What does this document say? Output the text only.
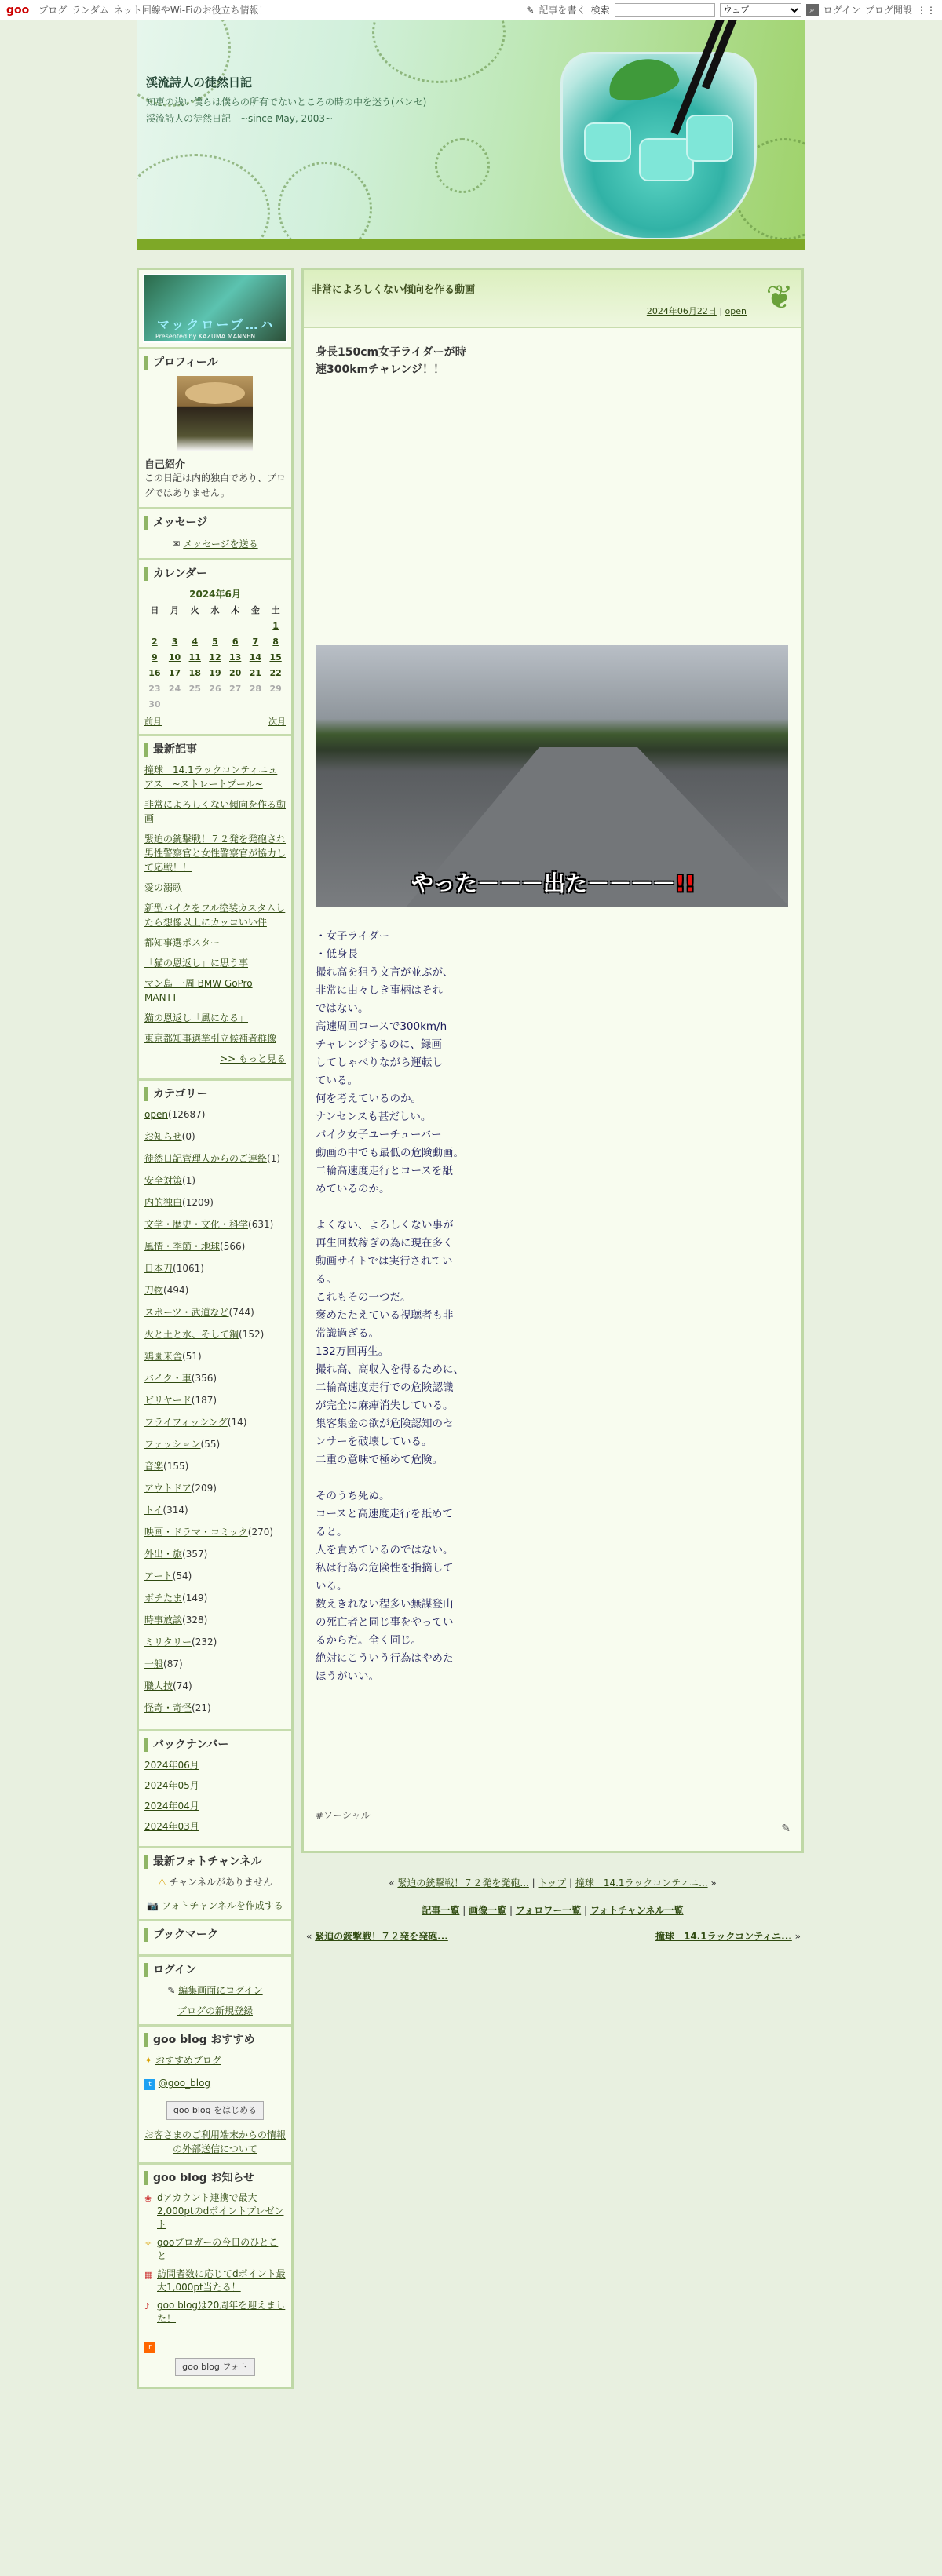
goo ブログ ランダム ネット回線やWi-Fiのお役立ち情報！	✎ 記事を書く 検索
ウェブ	⌕ ログイン ブログ開設 ⋮⋮
渓流詩人の徒然日記
知恵の浅い僕らは僕らの所有でないところの時の中を迷う(パンセ)　渓流詩人の徒然日記　~since May, 2003~
マックローブ…ハ
Presented by KAZUMA MANNEN
プロフィール
自己紹介
この日記は内的独白であり、ブログではありません。
メッセージ
✉ メッセージを送る
カレンダー
2024年6月
日	月	火	水	木	金	土
						1
2	3	4	5	6	7	8
9	10	11	12	13	14	15
16	17	18	19	20	21	22
23	24	25	26	27	28	29
30						
前月	次月
最新記事
撞球　14.1ラックコンティニュアス　~ストレートプール~
非常によろしくない傾向を作る動画
緊迫の銃撃戦！７２発を発砲され男性警察官と女性警察官が協力して応戦！！
愛の溺歌
新型バイクをフル塗装カスタムしたら想像以上にカッコいい件
都知事選ポスター
「猫の恩返し」に思う事
マン島 一周 BMW GoPro MANTT
猫の恩返し「風になる」
東京都知事選挙引立候補者群像
>> もっと見る
カテゴリー
open(12687)
お知らせ(0)
徒然日記管理人からのご連絡(1)
安全対策(1)
内的独白(1209)
文学・歴史・文化・科学(631)
風情・季節・地球(566)
日本刀(1061)
刀物(494)
スポーツ・武道など(744)
火と土と水、そして鋼(152)
鶏園来舎(51)
バイク・車(356)
ビリヤード(187)
フライフィッシング(14)
ファッション(55)
音楽(155)
アウトドア(209)
トイ(314)
映画・ドラマ・コミック(270)
外出・旅(357)
アート(54)
ボチたま(149)
時事放談(328)
ミリタリー(232)
一般(87)
職人技(74)
怪奇・奇怪(21)
バックナンバー
2024年06月
2024年05月
2024年04月
2024年03月
最新フォトチャンネル
⚠ チャンネルがありません
📷 フォトチャンネルを作成する
ブックマーク
ログイン
✎ 編集画面にログイン
ブログの新規登録
goo blog おすすめ
✦ おすすめブログ
t @goo_blog
goo blog をはじめる
お客さまのご利用端末からの情報の外部送信について
goo blog お知らせ
❀ dアカウント連携で最大2,000ptのdポイントプレゼント
✧ gooブロガーの今日のひとこと
▦ 訪問者数に応じてdポイント最大1,000pt当たる！
♪ goo blogは20周年を迎えました！
r
goo blog フォト
非常によろしくない傾向を作る動画
2024年06月22日 | open ❦
身長150cm女子ライダーが時速300kmチャレンジ！！
やった－－－出た－－－－!!

・女子ライダー

・低身長

撮れ高を狙う文言が並ぶが、

非常に由々しき事柄はそれ

ではない。

高速周回コースで300km/h

チャレンジするのに、録画

してしゃべりながら運転し

ている。

何を考えているのか。

ナンセンスも甚だしい。

バイク女子ユーチューバー

動画の中でも最低の危険動画。

二輪高速度走行とコースを舐

めているのか。

よくない、よろしくない事が

再生回数稼ぎの為に現在多く

動画サイトでは実行されてい

る。

これもその一つだ。

褒めたたえている視聴者も非

常識過ぎる。

132万回再生。

撮れ高、高収入を得るために、

二輪高速度走行での危険認識

が完全に麻痺消失している。

集客集金の欲が危険認知のセ

ンサーを破壊している。

二重の意味で極めて危険。

そのうち死ぬ。

コースと高速度走行を舐めて

ると。

人を責めているのではない。

私は行為の危険性を指摘して

いる。

数えきれない程多い無謀登山

の死亡者と同じ事をやってい

るからだ。全く同じ。

絶対にこういう行為はやめた

ほうがいい。

#ソーシャル
✎
« 緊迫の銃撃戦！７２発を発砲... | トップ | 撞球　14.1ラックコンティニ... »
記事一覧 | 画像一覧 | フォロワー一覧 | フォトチャンネル一覧
« 緊迫の銃撃戦！７２発を発砲...	撞球　14.1ラックコンティニ... »
